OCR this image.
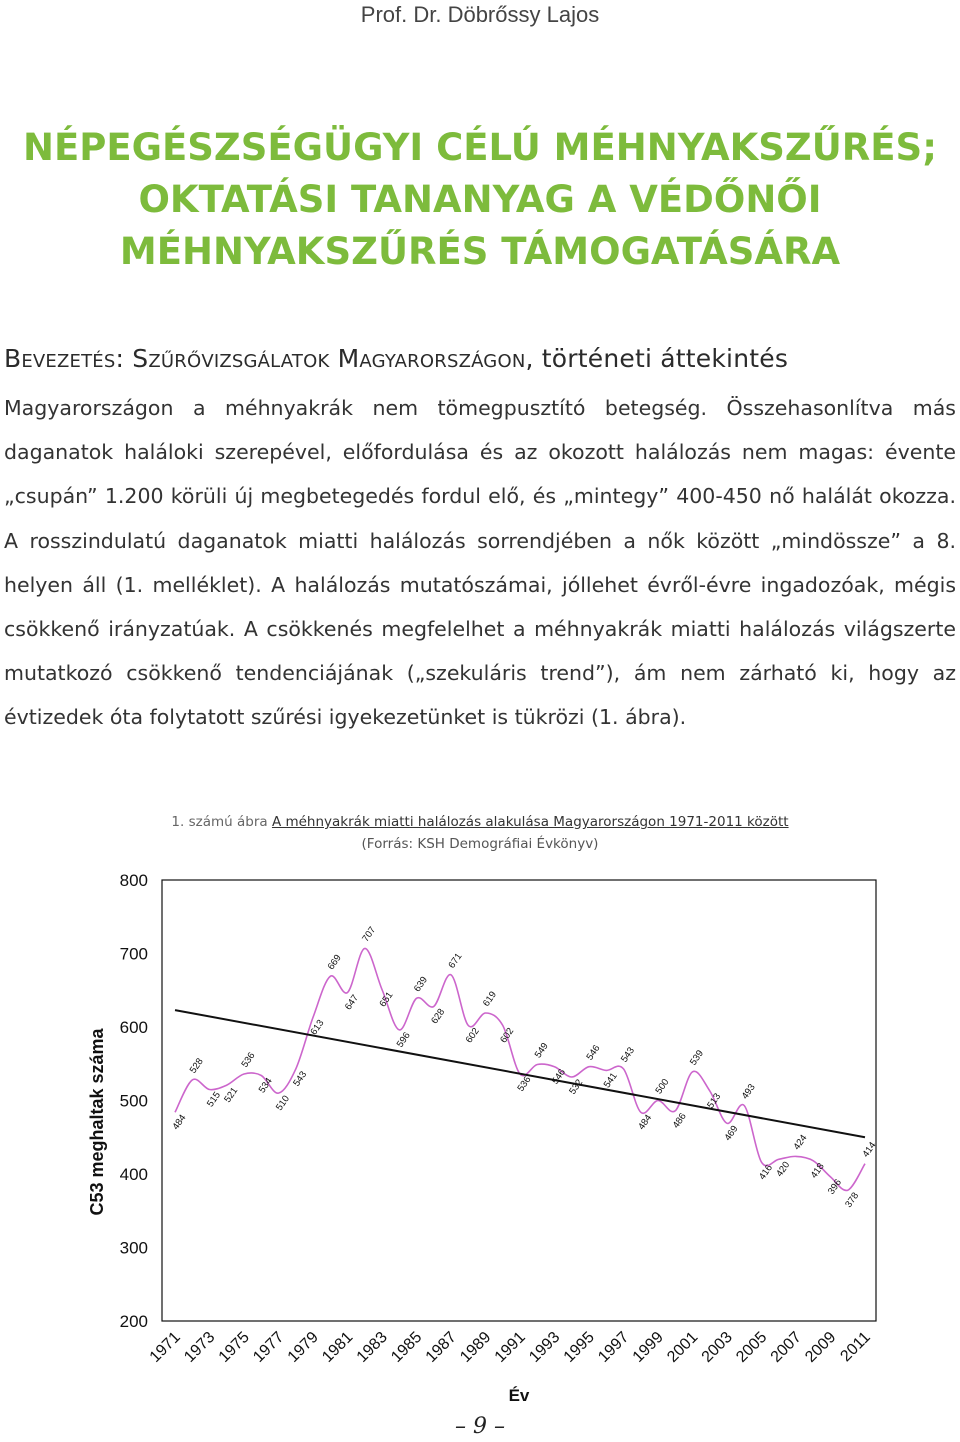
Prof. Dr. Döbrőssy Lajos
NÉPEGÉSZSÉGÜGYI CÉLÚ MÉHNYAKSZŰRÉS;
OKTATÁSI TANANYAG A VÉDŐNŐI
MÉHNYAKSZŰRÉS TÁMOGATÁSÁRA
Bevezetés: Szűrővizsgálatok Magyarországon, történeti áttekintés
Magyarországon a méhnyakrák nem tömegpusztító betegség. Összehasonlítva más daganatok haláloki szerepével, előfordulása és az okozott halálozás nem magas: évente „csupán” 1.200 körüli új megbetegedés fordul elő, és „mintegy” 400-450 nő halálát okozza. A rosszindulatú daganatok miatti halálozás sorrendjében a nők között „mindössze” a 8. helyen áll (1. melléklet). A halálozás mutatószámai, jóllehet évről-évre ingadozóak, mégis csökkenő irányzatúak. A csökkenés megfelelhet a méhnyakrák miatti halálozás világszerte mutatkozó csökkenő tendenciájának („szekuláris trend”), ám nem zárható ki, hogy az évtizedek óta folytatott szűrési igyekezetünket is tükrözi (1. ábra).
1. számú ábra A méhnyakrák miatti halálozás alakulása Magyarországon 1971-2011 között
(Forrás: KSH Demográfiai Évkönyv)
200
300
400
500
600
700
800
1971
1973
1975
1977
1979
1981
1983
1985
1987
1989
1991
1993
1995
1997
1999
2001
2003
2005
2007
2009
2011
484
528
515 521
536
534
510
543
613
669
647
707
651
596
639
628
671
602
619
602
536
549
546
532
546
541
543
484
500
486
539
513
469
493
416 420
424
418
396
378
414
C53 meghaltak száma
Év
– 9 –
